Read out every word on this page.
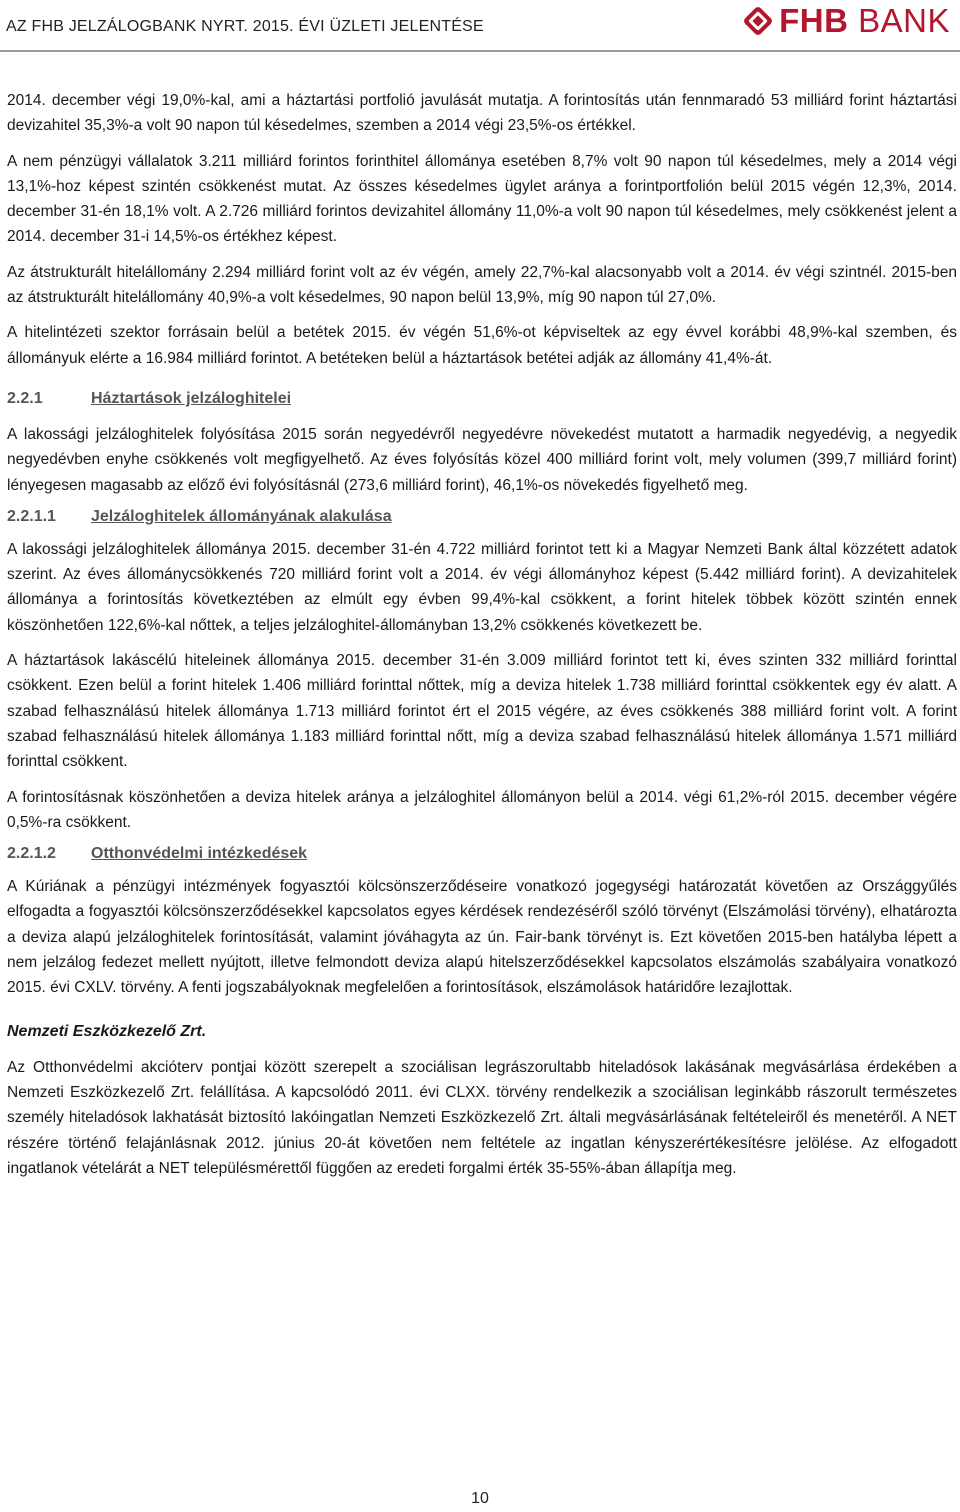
AZ FHB JELZÁLOGBANK NYRT. 2015. ÉVI ÜZLETI JELENTÉSE	FHB BANK

2014. december végi 19,0%-kal, ami a háztartási portfolió javulását mutatja. A forintosítás után fennmaradó 53 milliárd forint háztartási devizahitel 35,3%-a volt 90 napon túl késedelmes, szemben a 2014 végi 23,5%-os értékkel.

A nem pénzügyi vállalatok 3.211 milliárd forintos forinthitel állománya esetében 8,7% volt 90 napon túl késedelmes, mely a 2014 végi 13,1%-hoz képest szintén csökkenést mutat. Az összes késedelmes ügylet aránya a forintportfolión belül 2015 végén 12,3%, 2014. december 31-én 18,1% volt. A 2.726 milliárd forintos devizahitel állomány 11,0%-a volt 90 napon túl késedelmes, mely csökkenést jelent a 2014. december 31-i 14,5%-os értékhez képest.

Az átstrukturált hitelállomány 2.294 milliárd forint volt az év végén, amely 22,7%-kal alacsonyabb volt a 2014. év végi szintnél. 2015-ben az átstrukturált hitelállomány 40,9%-a volt késedelmes, 90 napon belül 13,9%, míg 90 napon túl 27,0%.

A hitelintézeti szektor forrásain belül a betétek 2015. év végén 51,6%-ot képviseltek az egy évvel korábbi 48,9%-kal szemben, és állományuk elérte a 16.984 milliárd forintot. A betéteken belül a háztartások betétei adják az állomány 41,4%-át.

2.2.1	Háztartások jelzáloghitelei

A lakossági jelzáloghitelek folyósítása 2015 során negyedévről negyedévre növekedést mutatott a harmadik negyedévig, a negyedik negyedévben enyhe csökkenés volt megfigyelhető. Az éves folyósítás közel 400 milliárd forint volt, mely volumen (399,7 milliárd forint) lényegesen magasabb az előző évi folyósításnál (273,6 milliárd forint), 46,1%-os növekedés figyelhető meg.

2.2.1.1	Jelzáloghitelek állományának alakulása

A lakossági jelzáloghitelek állománya 2015. december 31-én 4.722 milliárd forintot tett ki a Magyar Nemzeti Bank által közzétett adatok szerint. Az éves állománycsökkenés 720 milliárd forint volt a 2014. év végi állományhoz képest (5.442 milliárd forint). A devizahitelek állománya a forintosítás következtében az elmúlt egy évben 99,4%-kal csökkent, a forint hitelek többek között szintén ennek köszönhetően 122,6%-kal nőttek, a teljes jelzáloghitel-állományban 13,2% csökkenés következett be.

A háztartások lakáscélú hiteleinek állománya 2015. december 31-én 3.009 milliárd forintot tett ki, éves szinten 332 milliárd forinttal csökkent. Ezen belül a forint hitelek 1.406 milliárd forinttal nőttek, míg a deviza hitelek 1.738 milliárd forinttal csökkentek egy év alatt. A szabad felhasználású hitelek állománya 1.713 milliárd forintot ért el 2015 végére, az éves csökkenés 388 milliárd forint volt. A forint szabad felhasználású hitelek állománya 1.183 milliárd forinttal nőtt, míg a deviza szabad felhasználású hitelek állománya 1.571 milliárd forinttal csökkent.

A forintosításnak köszönhetően a deviza hitelek aránya a jelzáloghitel állományon belül a 2014. végi 61,2%-ról 2015. december végére 0,5%-ra csökkent.

2.2.1.2	Otthonvédelmi intézkedések

A Kúriának a pénzügyi intézmények fogyasztói kölcsönszerződéseire vonatkozó jogegységi határozatát követően az Országgyűlés elfogadta a fogyasztói kölcsönszerződésekkel kapcsolatos egyes kérdések rendezéséről szóló törvényt (Elszámolási törvény), elhatározta a deviza alapú jelzáloghitelek forintosítását, valamint jóváhagyta az ún. Fair-bank törvényt is. Ezt követően 2015-ben hatályba lépett a nem jelzálog fedezet mellett nyújtott, illetve felmondott deviza alapú hitelszerződésekkel kapcsolatos elszámolás szabályaira vonatkozó 2015. évi CXLV. törvény. A fenti jogszabályoknak megfelelően a forintosítások, elszámolások határidőre lezajlottak.

Nemzeti Eszközkezelő Zrt.

Az Otthonvédelmi akcióterv pontjai között szerepelt a szociálisan legrászorultabb hiteladósok lakásának megvásárlása érdekében a Nemzeti Eszközkezelő Zrt. felállítása. A kapcsolódó 2011. évi CLXX. törvény rendelkezik a szociálisan leginkább rászorult természetes személy hiteladósok lakhatását biztosító lakóingatlan Nemzeti Eszközkezelő Zrt. általi megvásárlásának feltételeiről és menetéről. A NET részére történő felajánlásnak 2012. június 20-át követően nem feltétele az ingatlan kényszerértékesítésre jelölése. Az elfogadott ingatlanok vételárát a NET településmérettől függően az eredeti forgalmi érték 35-55%-ában állapítja meg.

10
